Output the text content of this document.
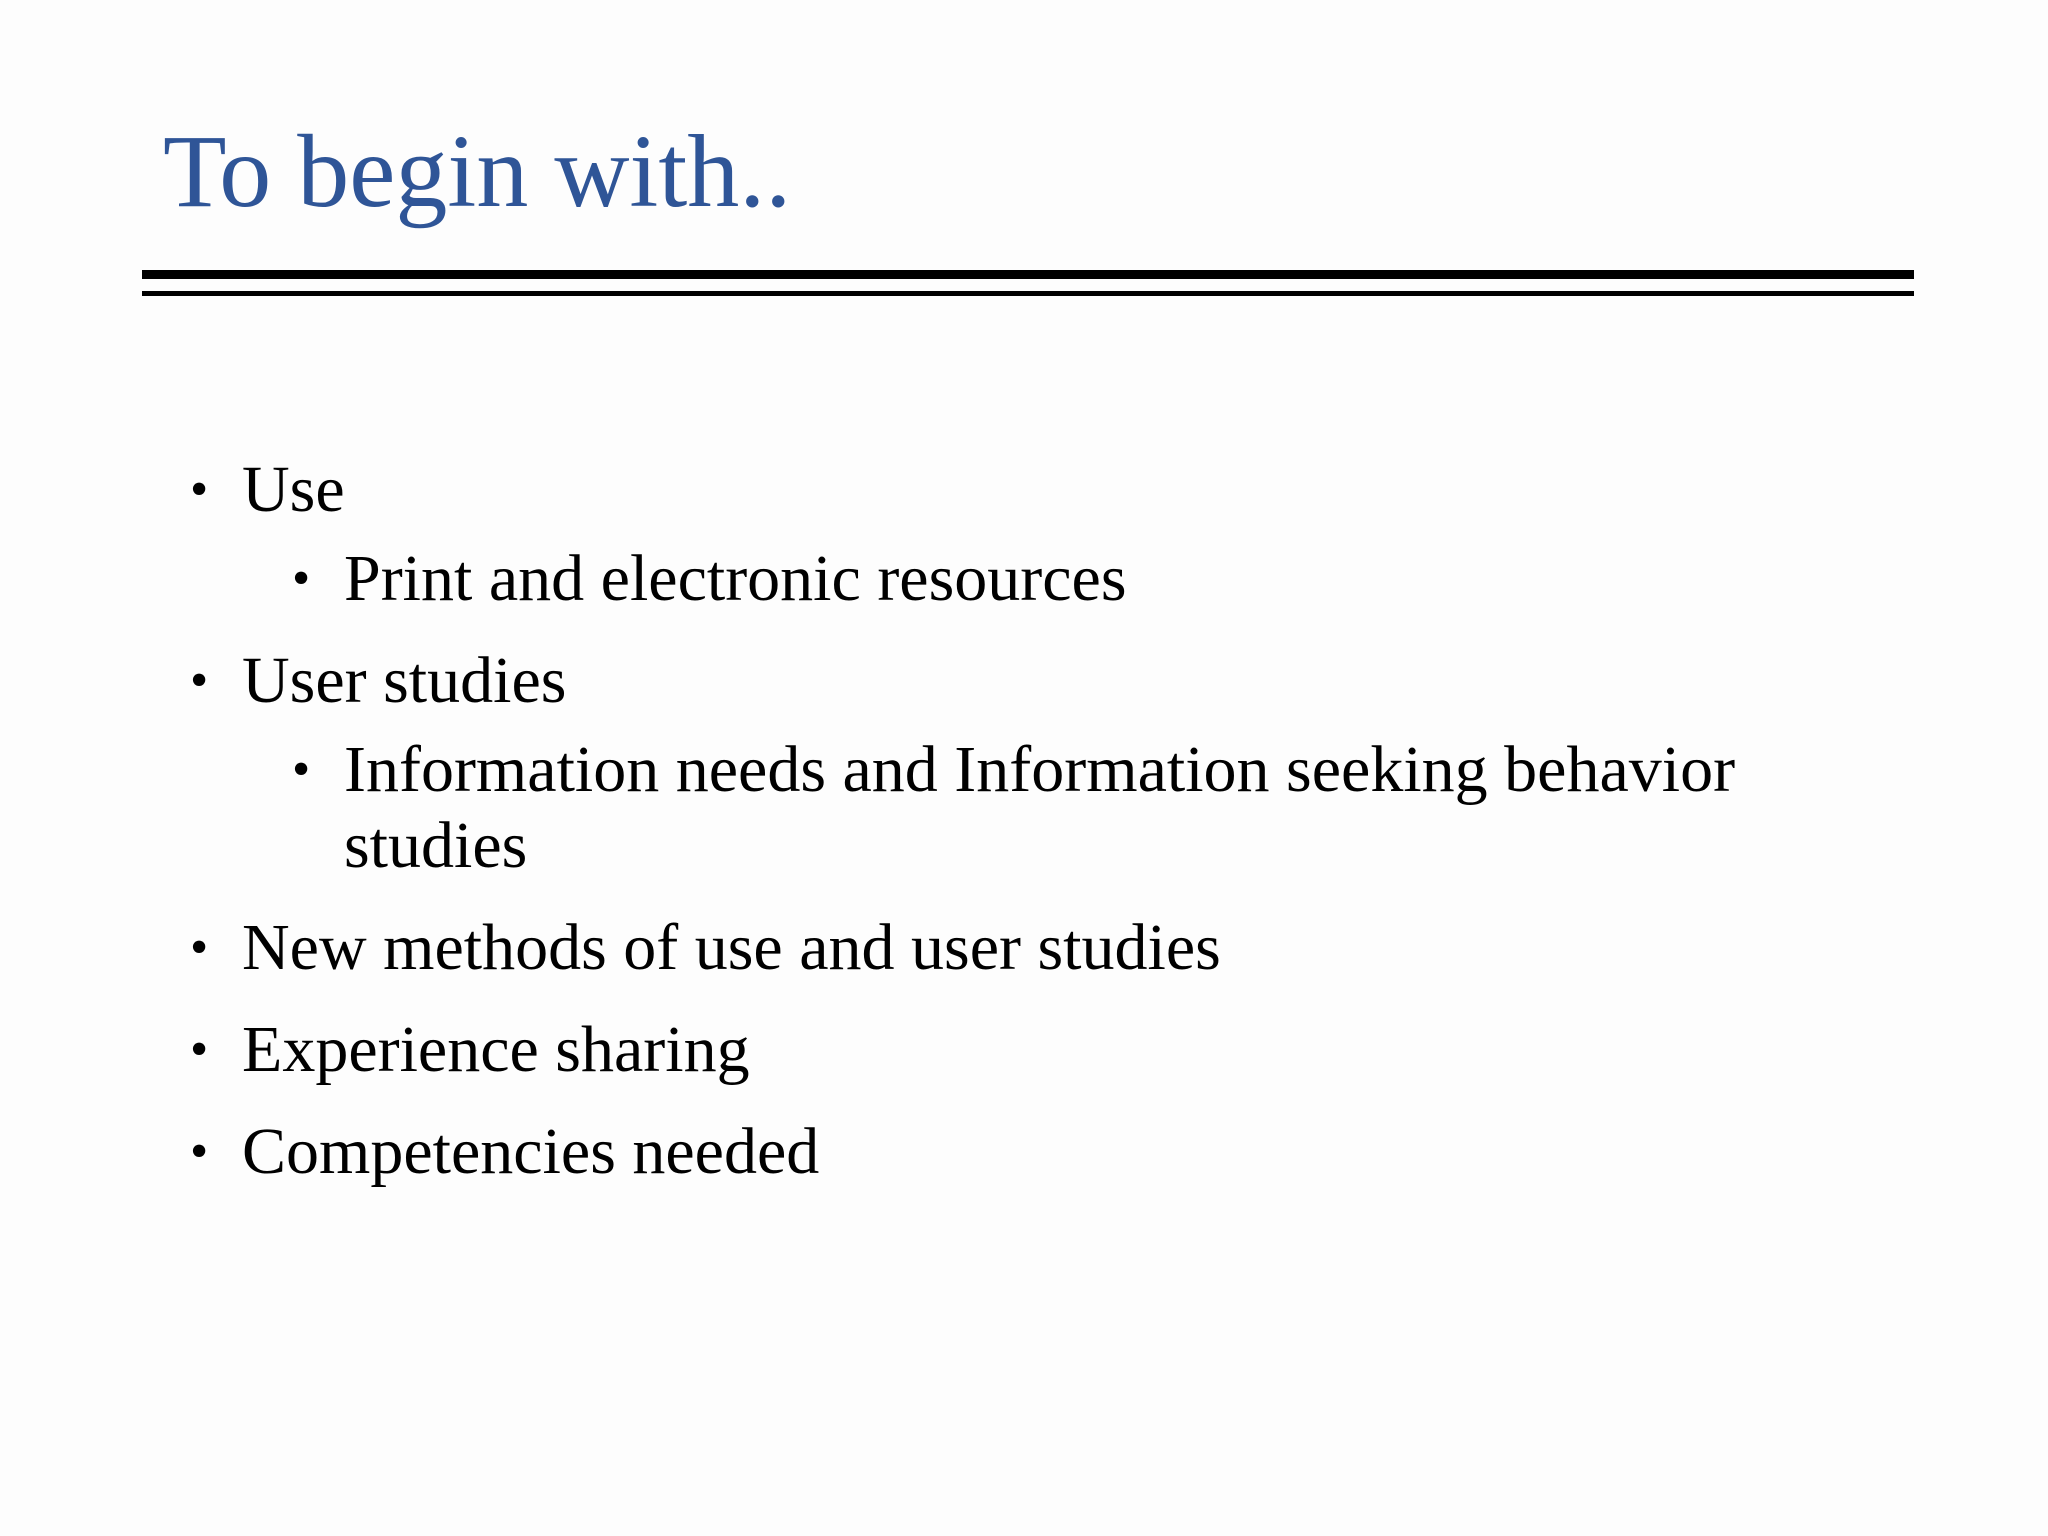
To begin with..
• Use
• Print and electronic resources
• User studies
• Information needs and Information seeking behavior studies
• New methods of use and user studies
• Experience sharing
• Competencies needed
